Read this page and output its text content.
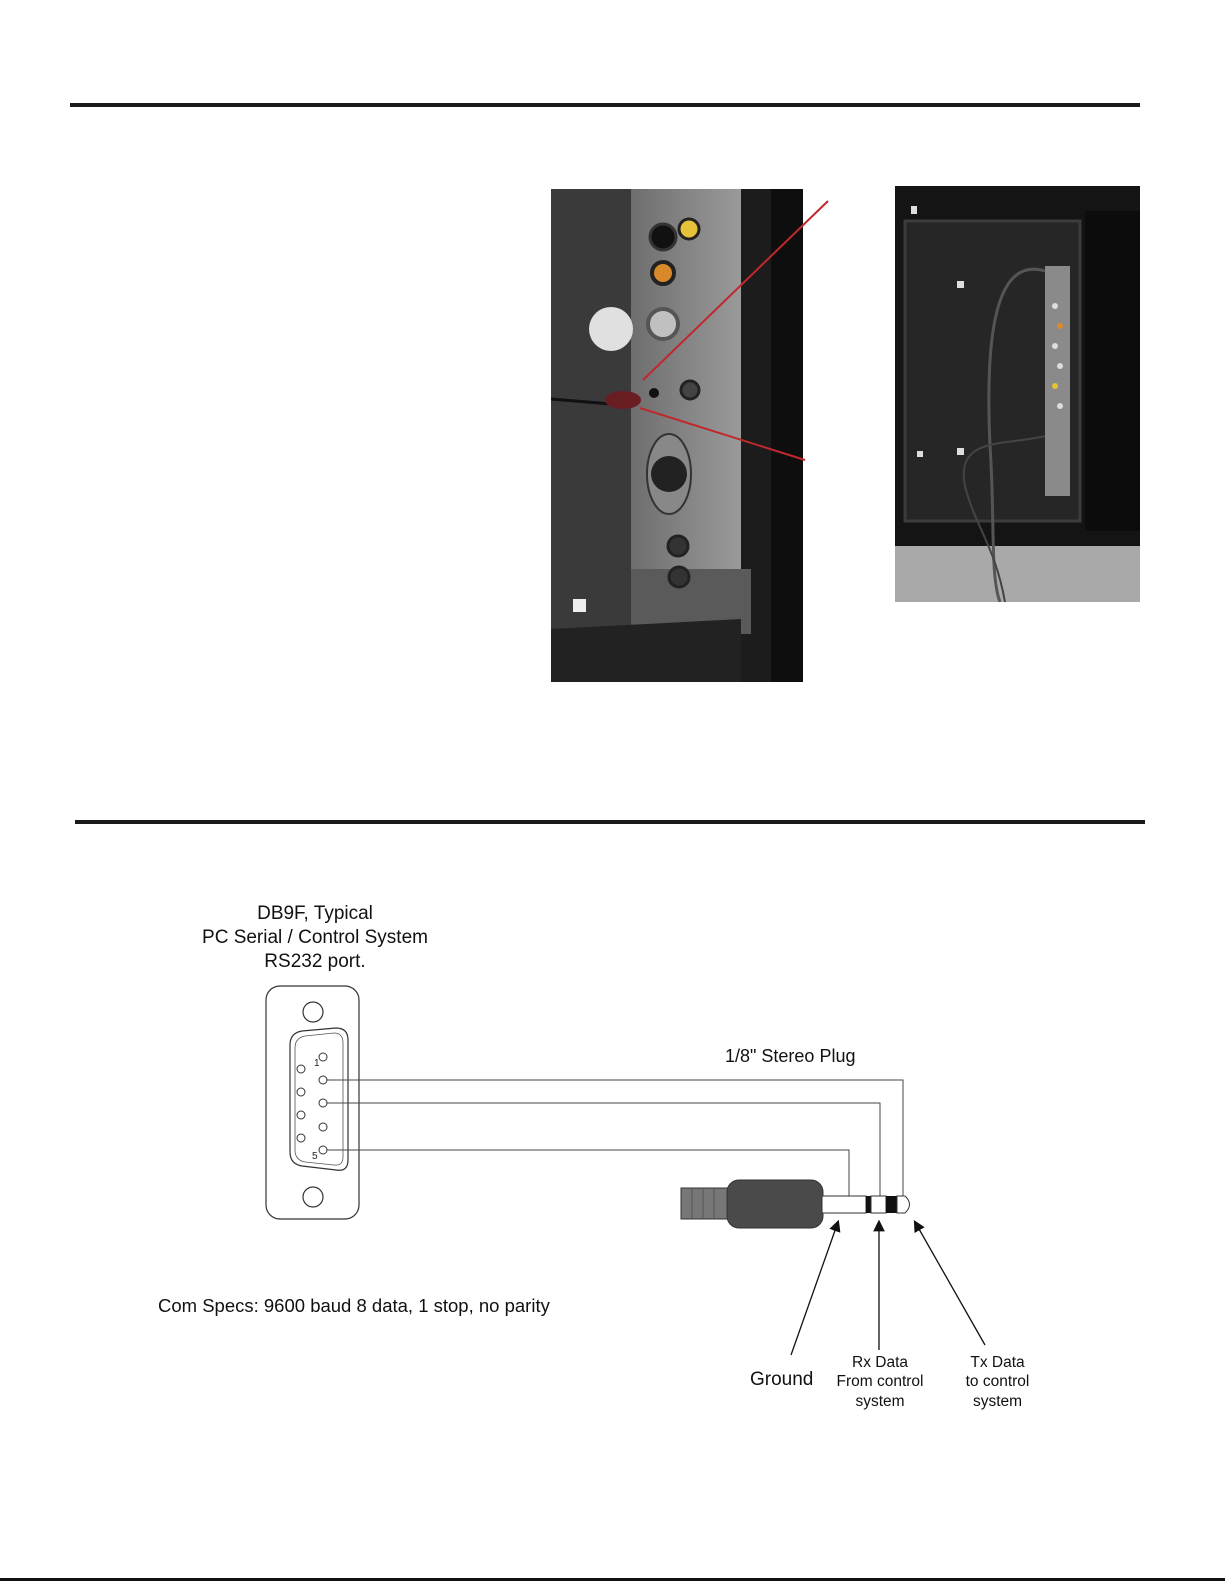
DB9F, Typical
PC Serial / Control System
RS232 port.
1
5
1/8" Stereo Plug
Com Specs: 9600 baud 8 data, 1 stop, no parity
Ground
Rx Data
From control
system
Tx Data
to control
system
